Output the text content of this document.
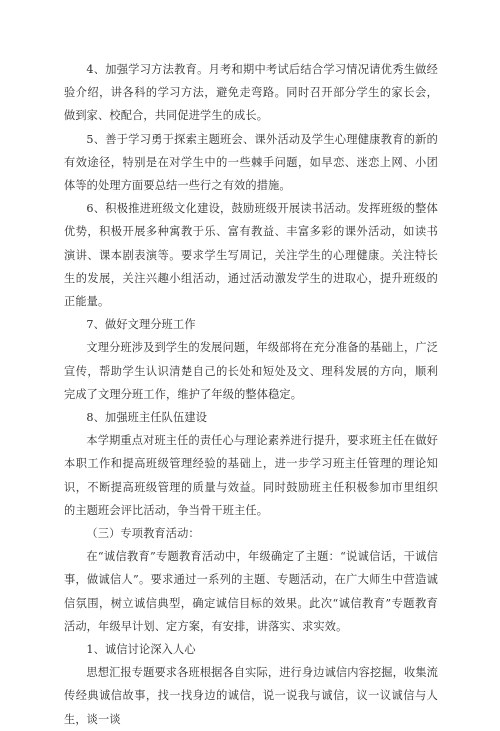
4、加强学习方法教育。月考和期中考试后结合学习情况请优秀生做经验介绍，讲各科的学习方法，避免走弯路。同时召开部分学生的家长会，做到家、校配合，共同促进学生的成长。

5、善于学习勇于探索主题班会、课外活动及学生心理健康教育的新的有效途径，特别是在对学生中的一些棘手问题，如早恋、迷恋上网、小团体等的处理方面要总结一些行之有效的措施。

6、积极推进班级文化建设，鼓励班级开展读书活动。发挥班级的整体优势，积极开展多种寓教于乐、富有教益、丰富多彩的课外活动，如读书演讲、课本剧表演等。要求学生写周记，关注学生的心理健康。关注特长生的发展，关注兴趣小组活动，通过活动激发学生的进取心，提升班级的正能量。

7、做好文理分班工作

文理分班涉及到学生的发展问题，年级部将在充分准备的基础上，广泛宣传，帮助学生认识清楚自己的长处和短处及文、理科发展的方向，顺利完成了文理分班工作，维护了年级的整体稳定。

8、加强班主任队伍建设

本学期重点对班主任的责任心与理论素养进行提升，要求班主任在做好本职工作和提高班级管理经验的基础上，进一步学习班主任管理的理论知识，不断提高班级管理的质量与效益。同时鼓励班主任积极参加市里组织的主题班会评比活动，争当骨干班主任。

（三）专项教育活动：

在“诚信教育”专题教育活动中，年级确定了主题：“说诚信话，干诚信事，做诚信人”。要求通过一系列的主题、专题活动，在广大师生中营造诚信氛围，树立诚信典型，确定诚信目标的效果。此次“诚信教育”专题教育活动，年级早计划、定方案，有安排，讲落实、求实效。

1、诚信讨论深入人心

思想汇报专题要求各班根据各自实际，进行身边诚信内容挖掘，收集流传经典诚信故事，找一找身边的诚信，说一说我与诚信，议一议诚信与人生，谈一谈
